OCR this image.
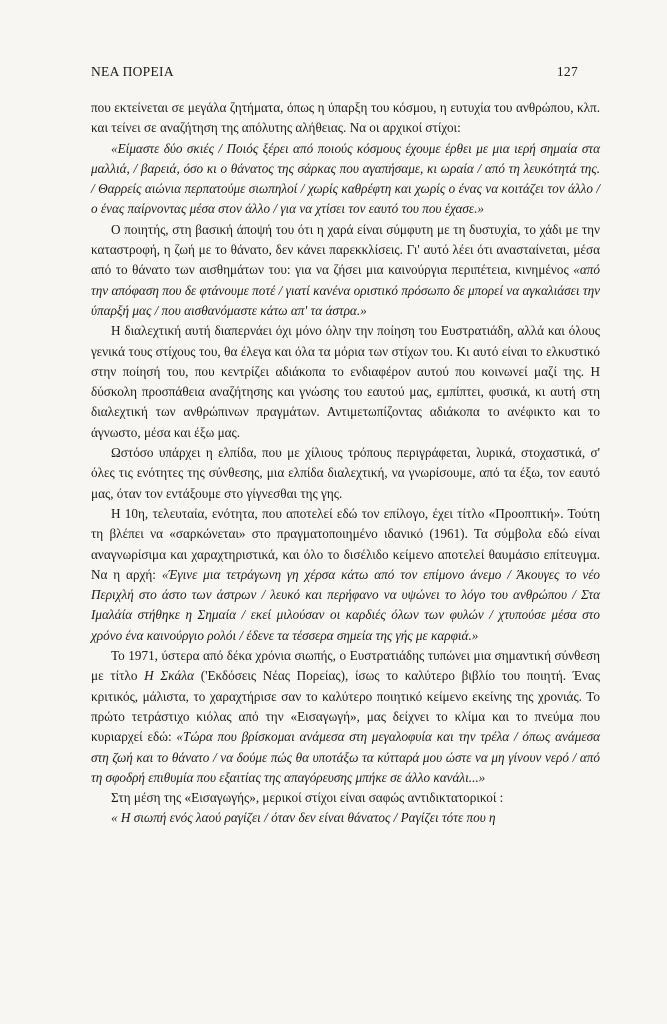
ΝΕΑ ΠΟΡΕΙΑ	127

που εκτείνεται σε μεγάλα ζητήματα, όπως η ύπαρξη του κόσμου, η ευτυχία του ανθρώπου, κλπ. και τείνει σε αναζήτηση της απόλυτης αλήθειας. Να οι αρχικοί στίχοι:

«Είμαστε δύο σκιές / Ποιός ξέρει από ποιούς κόσμους έχουμε έρθει με μια ιερή σημαία στα μαλλιά, / βαρειά, όσο κι ο θάνατος της σάρκας που αγαπήσαμε, κι ωραία / από τη λευκότητά της. / Θαρρείς αιώνια περπατούμε σιωπηλοί / χωρίς καθρέφτη και χωρίς ο ένας να κοιτάζει τον άλλο / ο ένας παίρνοντας μέσα στον άλλο / για να χτίσει τον εαυτό του που έχασε.»

Ο ποιητής, στη βασική άποψή του ότι η χαρά είναι σύμφυτη με τη δυστυχία, το χάδι με την καταστροφή, η ζωή με το θάνατο, δεν κάνει παρεκκλίσεις. Γι' αυτό λέει ότι ανασταίνεται, μέσα από το θάνατο των αισθημάτων του: για να ζήσει μια καινούργια περιπέτεια, κινημένος «από την απόφαση που δε φτάνουμε ποτέ / γιατί κανένα οριστικό πρόσωπο δε μπορεί να αγκαλιάσει την ύπαρξή μας / που αισθανόμαστε κάτω απ' τα άστρα.»

Η διαλεχτική αυτή διαπερνάει όχι μόνο όλην την ποίηση του Ευστρατιάδη, αλλά και όλους γενικά τους στίχους του, θα έλεγα και όλα τα μόρια των στίχων του. Κι αυτό είναι το ελκυστικό στην ποίησή του, που κεντρίζει αδιάκοπα το ενδιαφέρον αυτού που κοινωνεί μαζί της. Η δύσκολη προσπάθεια αναζήτησης και γνώσης του εαυτού μας, εμπίπτει, φυσικά, κι αυτή στη διαλεχτική των ανθρώπινων πραγμάτων. Αντιμετωπίζοντας αδιάκοπα το ανέφικτο και το άγνωστο, μέσα και έξω μας.

Ωστόσο υπάρχει η ελπίδα, που με χίλιους τρόπους περιγράφεται, λυρικά, στοχαστικά, σ' όλες τις ενότητες της σύνθεσης, μια ελπίδα διαλεχτική, να γνωρίσουμε, από τα έξω, τον εαυτό μας, όταν τον εντάξουμε στο γίγνεσθαι της γης.

Η 10η, τελευταία, ενότητα, που αποτελεί εδώ τον επίλογο, έχει τίτλο «Προοπτική». Τούτη τη βλέπει να «σαρκώνεται» στο πραγματοποιημένο ιδανικό (1961). Τα σύμβολα εδώ είναι αναγνωρίσιμα και χαραχτηριστικά, και όλο το δισέλιδο κείμενο αποτελεί θαυμάσιο επίτευγμα. Να η αρχή: «Έγινε μια τετράγωνη γη χέρσα κάτω από τον επίμονο άνεμο / Άκουγες το νέο Περιχλή στο άστο των άστρων / λευκό και περήφανο να υψώνει το λόγο του ανθρώπου / Στα Ιμαλάία στήθηκε η Σημαία / εκεί μιλούσαν οι καρδιές όλων των φυλών / χτυπούσε μέσα στο χρόνο ένα καινούργιο ρολόι / έδενε τα τέσσερα σημεία της γής με καρφιά.»

Το 1971, ύστερα από δέκα χρόνια σιωπής, ο Ευστρατιάδης τυπώνει μια σημαντική σύνθεση με τίτλο Η Σκάλα ('Εκδόσεις Νέας Πορείας), ίσως το καλύτερο βιβλίο του ποιητή. Ένας κριτικός, μάλιστα, το χαραχτήρισε σαν το καλύτερο ποιητικό κείμενο εκείνης της χρονιάς. Το πρώτο τετράστιχο κιόλας από την «Εισαγωγή», μας δείχνει το κλίμα και το πνεύμα που κυριαρχεί εδώ: «Τώρα που βρίσκομαι ανάμεσα στη μεγαλοφυία και την τρέλα / όπως ανάμεσα στη ζωή και το θάνατο / να δούμε πώς θα υποτάξω τα κύτταρά μου ώστε να μη γίνουν νερό / από τη σφοδρή επιθυμία που εξαιτίας της απαγόρευσης μπήκε σε άλλο κανάλι...»

Στη μέση της «Εισαγωγής», μερικοί στίχοι είναι σαφώς αντιδικτατορικοί :

« Η σιωπή ενός λαού ραγίζει / όταν δεν είναι θάνατος / Ραγίζει τότε που η
